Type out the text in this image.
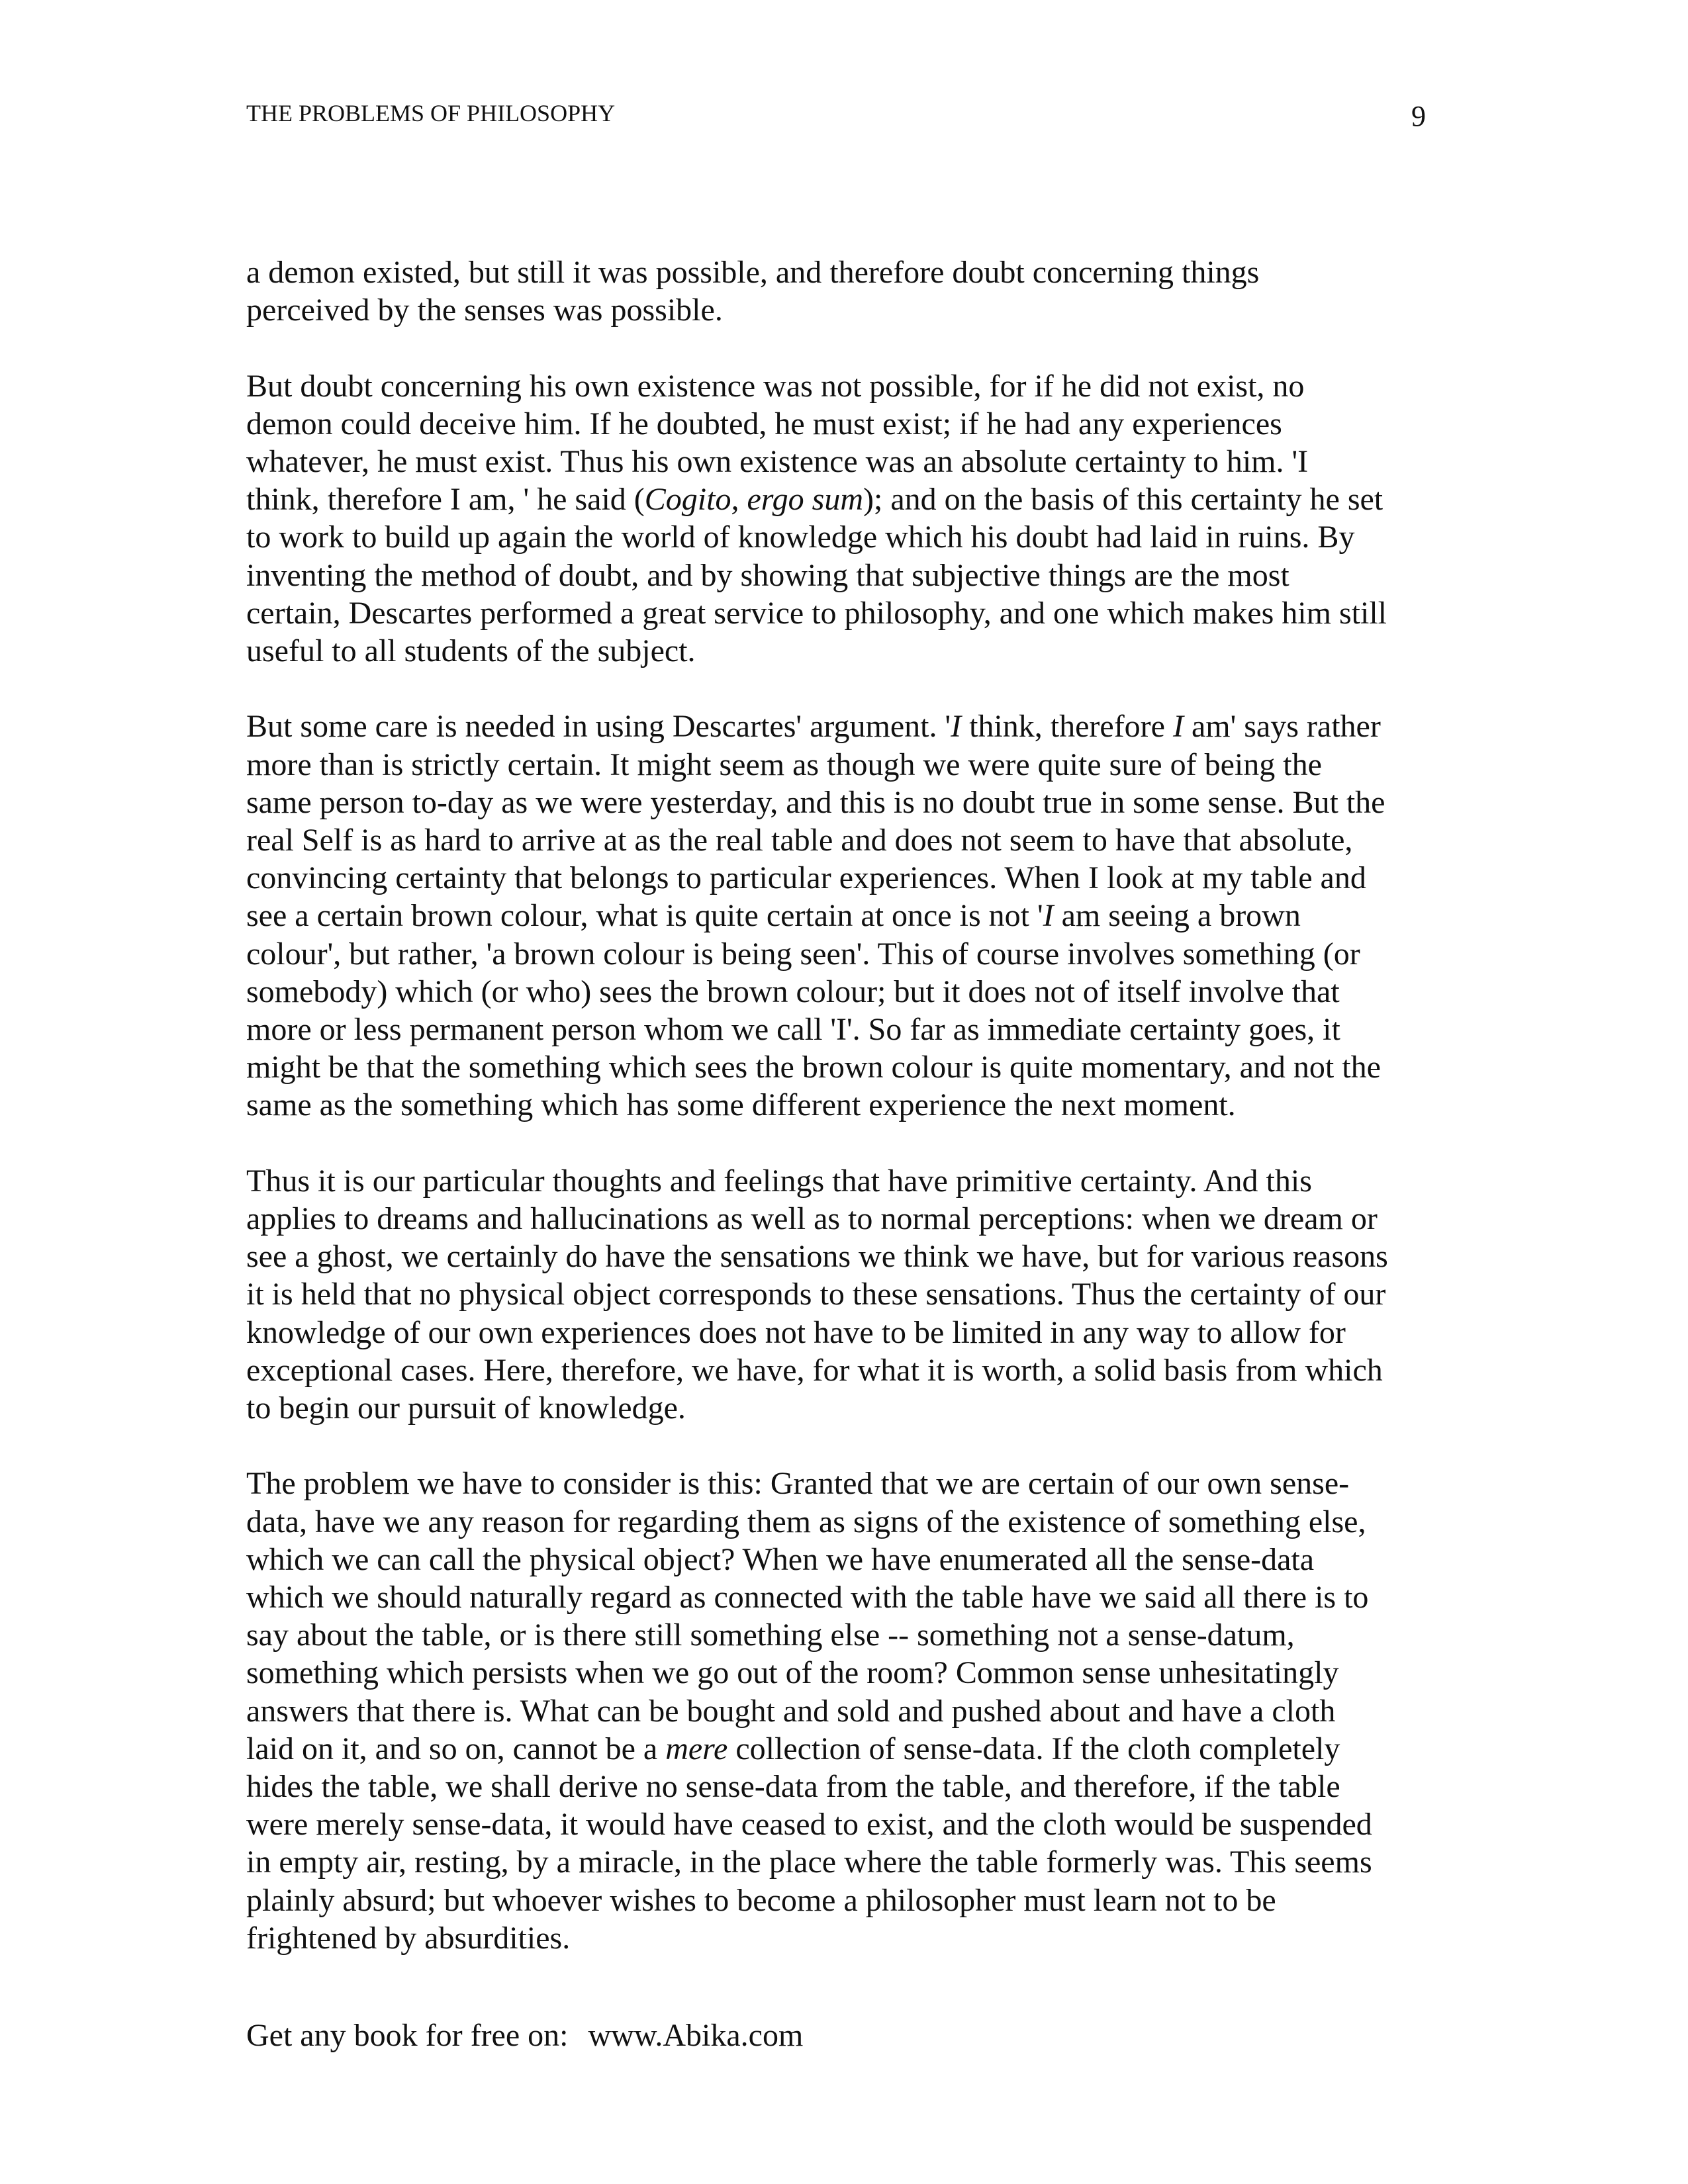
THE PROBLEMS OF PHILOSOPHY	9
a demon existed, but still it was possible, and therefore doubt concerning things
perceived by the senses was possible.
But doubt concerning his own existence was not possible, for if he did not exist, no
demon could deceive him. If he doubted, he must exist; if he had any experiences
whatever, he must exist. Thus his own existence was an absolute certainty to him. 'I
think, therefore I am, ' he said (Cogito, ergo sum); and on the basis of this certainty he set
to work to build up again the world of knowledge which his doubt had laid in ruins. By
inventing the method of doubt, and by showing that subjective things are the most
certain, Descartes performed a great service to philosophy, and one which makes him still
useful to all students of the subject.
But some care is needed in using Descartes' argument. 'I think, therefore I am' says rather
more than is strictly certain. It might seem as though we were quite sure of being the
same person to-day as we were yesterday, and this is no doubt true in some sense. But the
real Self is as hard to arrive at as the real table and does not seem to have that absolute,
convincing certainty that belongs to particular experiences. When I look at my table and
see a certain brown colour, what is quite certain at once is not 'I am seeing a brown
colour', but rather, 'a brown colour is being seen'. This of course involves something (or
somebody) which (or who) sees the brown colour; but it does not of itself involve that
more or less permanent person whom we call 'I'. So far as immediate certainty goes, it
might be that the something which sees the brown colour is quite momentary, and not the
same as the something which has some different experience the next moment.
Thus it is our particular thoughts and feelings that have primitive certainty. And this
applies to dreams and hallucinations as well as to normal perceptions: when we dream or
see a ghost, we certainly do have the sensations we think we have, but for various reasons
it is held that no physical object corresponds to these sensations. Thus the certainty of our
knowledge of our own experiences does not have to be limited in any way to allow for
exceptional cases. Here, therefore, we have, for what it is worth, a solid basis from which
to begin our pursuit of knowledge.
The problem we have to consider is this: Granted that we are certain of our own sense-
data, have we any reason for regarding them as signs of the existence of something else,
which we can call the physical object? When we have enumerated all the sense-data
which we should naturally regard as connected with the table have we said all there is to
say about the table, or is there still something else -- something not a sense-datum,
something which persists when we go out of the room? Common sense unhesitatingly
answers that there is. What can be bought and sold and pushed about and have a cloth
laid on it, and so on, cannot be a mere collection of sense-data. If the cloth completely
hides the table, we shall derive no sense-data from the table, and therefore, if the table
were merely sense-data, it would have ceased to exist, and the cloth would be suspended
in empty air, resting, by a miracle, in the place where the table formerly was. This seems
plainly absurd; but whoever wishes to become a philosopher must learn not to be
frightened by absurdities.
Get any book for free on: www.Abika.com
